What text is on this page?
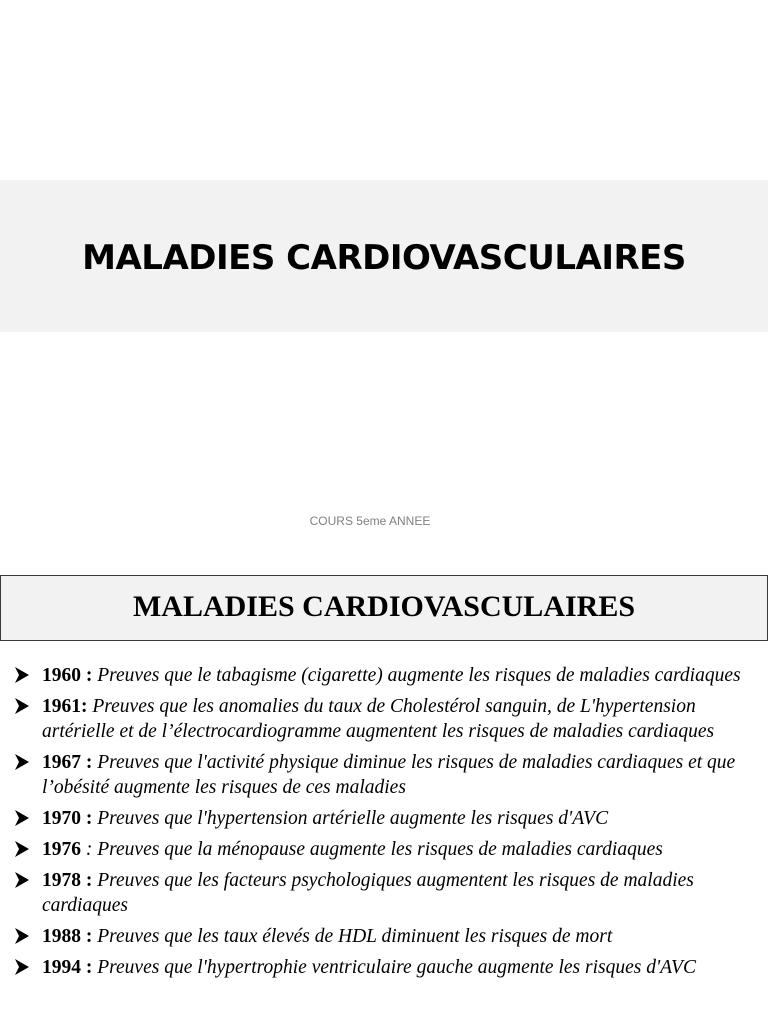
MALADIES CARDIOVASCULAIRES
COURS 5eme ANNEE
MALADIES CARDIOVASCULAIRES
1960 : Preuves que le tabagisme (cigarette) augmente les risques de maladies cardiaques
1961: Preuves que les anomalies du taux de Cholestérol sanguin, de L'hypertension artérielle et de l’électrocardiogramme augmentent les risques de maladies cardiaques
1967 : Preuves que l'activité physique diminue les risques de maladies cardiaques et que l’obésité augmente les risques de ces maladies
1970 : Preuves que l'hypertension artérielle augmente les risques d'AVC
1976 : Preuves que la ménopause augmente les risques de maladies cardiaques
1978 : Preuves que les facteurs psychologiques augmentent les risques de maladies cardiaques
1988 : Preuves que les taux élevés de HDL diminuent les risques de mort
1994 : Preuves que l'hypertrophie ventriculaire gauche augmente les risques d'AVC
